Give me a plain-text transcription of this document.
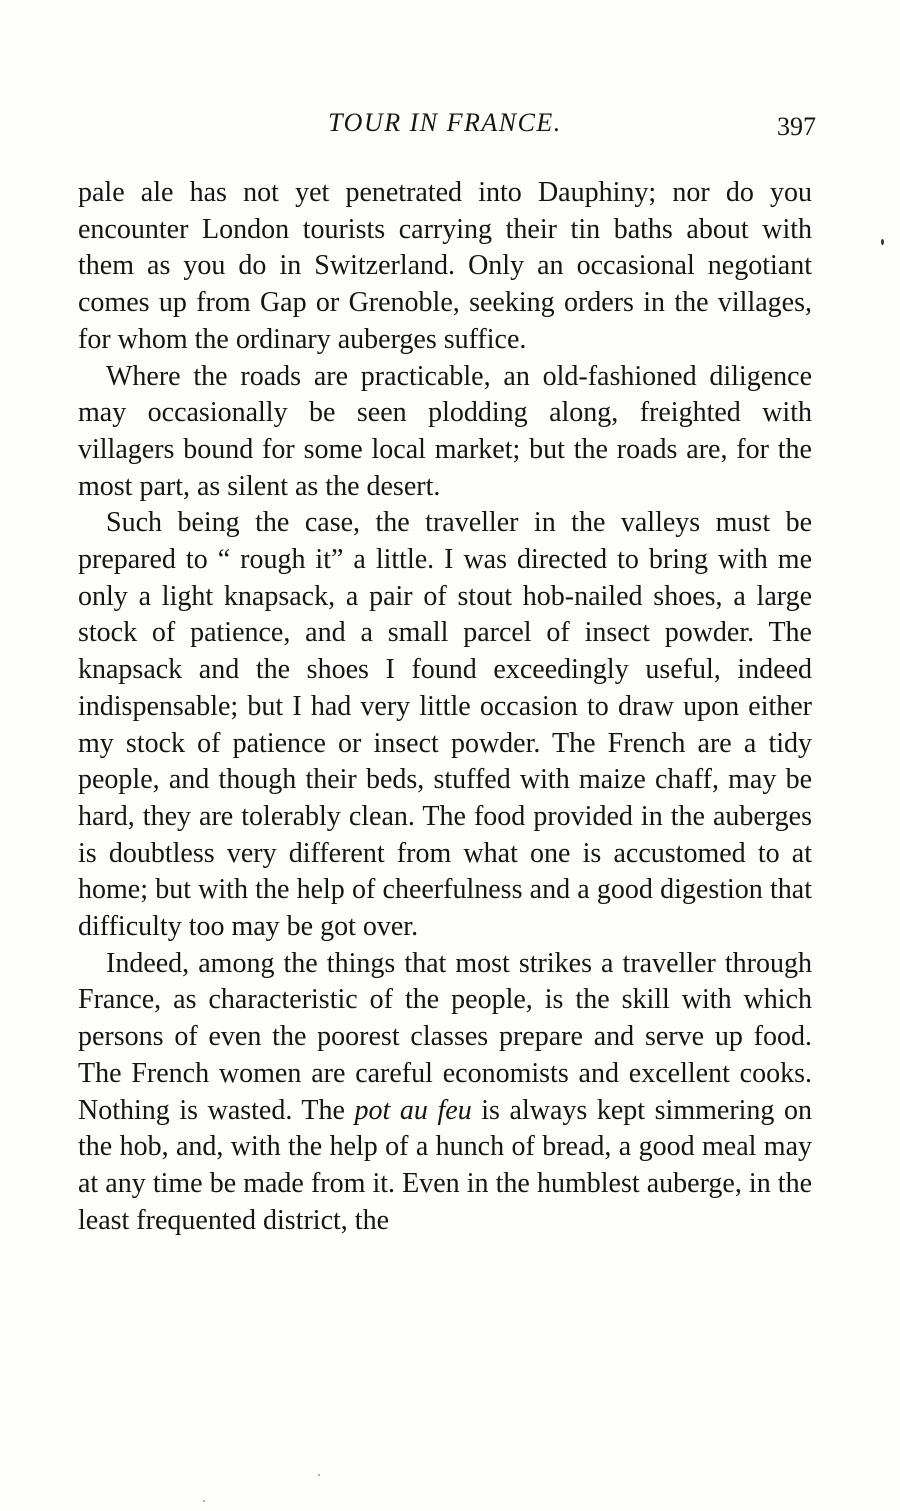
TOUR IN FRANCE.	397

pale ale has not yet penetrated into Dauphiny; nor do you encounter London tourists carrying their tin baths about with them as you do in Switzerland. Only an occasional negotiant comes up from Gap or Grenoble, seeking orders in the villages, for whom the ordinary auberges suffice.

Where the roads are practicable, an old-fashioned diligence may occasionally be seen plodding along, freighted with villagers bound for some local market; but the roads are, for the most part, as silent as the desert.

Such being the case, the traveller in the valleys must be prepared to “ rough it” a little. I was directed to bring with me only a light knapsack, a pair of stout hob-nailed shoes, a large stock of patience, and a small parcel of insect powder. The knapsack and the shoes I found exceedingly useful, indeed indispensable; but I had very little occasion to draw upon either my stock of patience or insect powder. The French are a tidy people, and though their beds, stuffed with maize chaff, may be hard, they are tolerably clean. The food provided in the auberges is doubtless very different from what one is accustomed to at home; but with the help of cheerfulness and a good digestion that difficulty too may be got over.

Indeed, among the things that most strikes a traveller through France, as characteristic of the people, is the skill with which persons of even the poorest classes prepare and serve up food. The French women are careful economists and excellent cooks. Nothing is wasted. The pot au feu is always kept simmering on the hob, and, with the help of a hunch of bread, a good meal may at any time be made from it. Even in the humblest auberge, in the least frequented district, the
